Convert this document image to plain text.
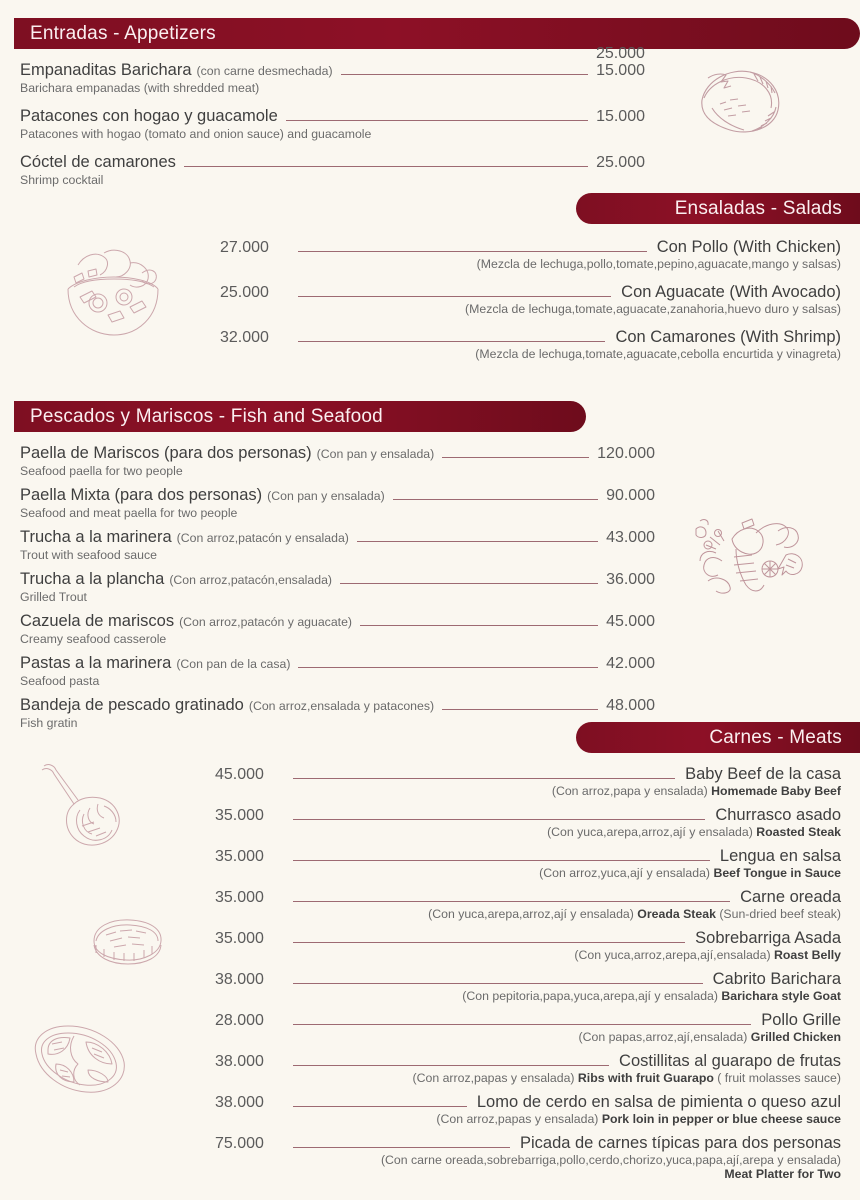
Entradas - Appetizers
25.000
Empanaditas Barichara (con carne desmechada)	15.000
Barichara empanadas (with shredded meat)
Patacones con hogao y guacamole	15.000
Patacones with hogao (tomato and onion sauce) and guacamole
Cóctel de camarones	25.000
Shrimp cocktail
Ensaladas - Salads
27.000	Con Pollo (With Chicken)
(Mezcla de lechuga,pollo,tomate,pepino,aguacate,mango y salsas)
25.000	Con Aguacate (With Avocado)
(Mezcla de lechuga,tomate,aguacate,zanahoria,huevo duro y salsas)
32.000	Con Camarones (With Shrimp)
(Mezcla de lechuga,tomate,aguacate,cebolla encurtida y vinagreta)
Pescados y Mariscos - Fish and Seafood
Paella de Mariscos (para dos personas) (Con pan y ensalada)	120.000
Seafood paella for two people
Paella Mixta (para dos personas) (Con pan y ensalada)	90.000
Seafood and meat paella for two people
Trucha a la marinera (Con arroz,patacón y ensalada)	43.000
Trout with seafood sauce
Trucha a la plancha (Con arroz,patacón,ensalada)	36.000
Grilled Trout
Cazuela de mariscos (Con arroz,patacón y aguacate)	45.000
Creamy seafood casserole
Pastas a la marinera (Con pan de la casa)	42.000
Seafood pasta
Bandeja de pescado gratinado (Con arroz,ensalada y patacones)	48.000
Fish gratin
Carnes - Meats
45.000	Baby Beef de la casa
(Con arroz,papa y ensalada) Homemade Baby Beef
35.000	Churrasco asado
(Con yuca,arepa,arroz,ají y ensalada) Roasted Steak
35.000	Lengua en salsa
(Con arroz,yuca,ají y ensalada) Beef Tongue in Sauce
35.000	Carne oreada
(Con yuca,arepa,arroz,ají y ensalada) Oreada Steak (Sun-dried beef steak)
35.000	Sobrebarriga Asada
(Con yuca,arroz,arepa,ají,ensalada) Roast Belly
38.000	Cabrito Barichara
(Con pepitoria,papa,yuca,arepa,ají y ensalada) Barichara style Goat
28.000	Pollo Grille
(Con papas,arroz,ají,ensalada) Grilled Chicken
38.000	Costillitas al guarapo de frutas
(Con arroz,papas y ensalada) Ribs with fruit Guarapo ( fruit molasses sauce)
38.000	Lomo de cerdo en salsa de pimienta o queso azul
(Con arroz,papas y ensalada) Pork loin in pepper or blue cheese sauce
75.000	Picada de carnes típicas para dos personas
(Con carne oreada,sobrebarriga,pollo,cerdo,chorizo,yuca,papa,ají,arepa y ensalada)
Meat Platter for Two
